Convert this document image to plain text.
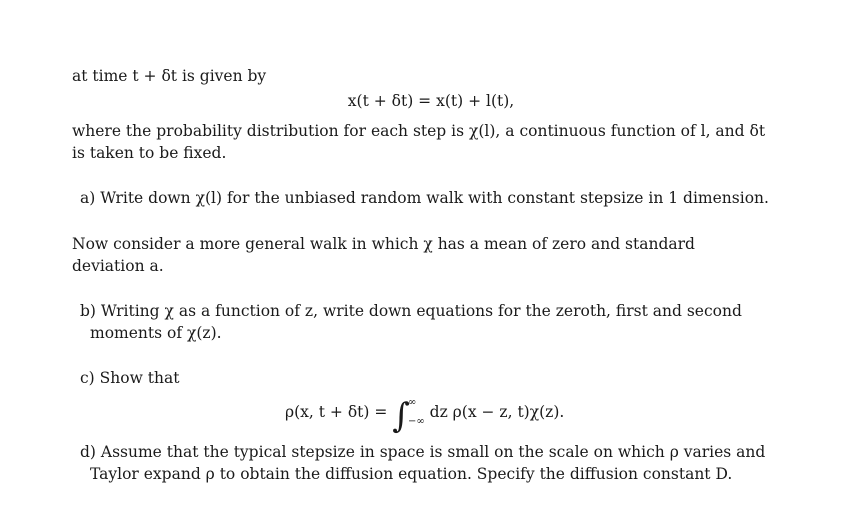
at time t + δt is given by
x(t + δt) = x(t) + l(t),
where the probability distribution for each step is χ(l), a continuous function of l, and δt
is taken to be fixed.
a) Write down χ(l) for the unbiased random walk with constant stepsize in 1 dimension.
Now consider a more general walk in which χ has a mean of zero and standard
deviation a.
b) Writing χ as a function of z, write down equations for the zeroth, first and second
moments of χ(z).
c) Show that
ρ(x, t + δt) = ∫
∞
−∞
dz ρ(x − z, t)χ(z).
d) Assume that the typical stepsize in space is small on the scale on which ρ varies and
Taylor expand ρ to obtain the diffusion equation. Specify the diffusion constant D.
